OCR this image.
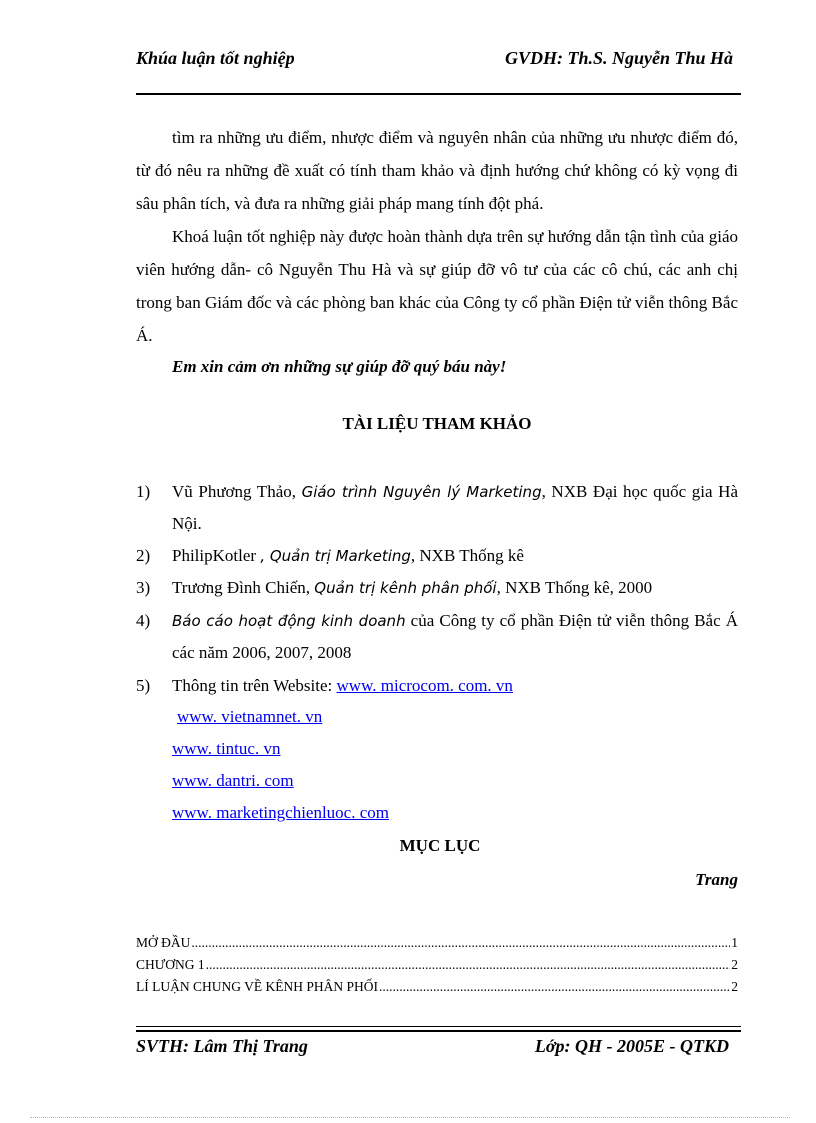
Khúa luận tốt nghiệp	GVDH: Th.S. Nguyễn Thu Hà

tìm ra những ưu điểm, nhược điểm và nguyên nhân của những ưu nhược điểm đó, từ đó nêu ra những đề xuất có tính tham khảo và định hướng chứ không có kỳ vọng đi sâu phân tích, và đưa ra những giải pháp mang tính đột phá.

Khoá luận tốt nghiệp này được hoàn thành dựa trên sự hướng dẫn tận tình của giáo viên hướng dẫn- cô Nguyễn Thu Hà và sự giúp đỡ vô tư của các cô chú, các anh chị trong ban Giám đốc và các phòng ban khác của Công ty cổ phần Điện tử viễn thông Bắc Á.

Em xin cảm ơn những sự giúp đỡ quý báu này!
TÀI LIỆU THAM KHẢO
1) Vũ Phương Thảo, Giáo trình Nguyên lý Marketing, NXB Đại học quốc gia Hà Nội.
2) PhilipKotler , Quản trị Marketing, NXB Thống kê
3) Trương Đình Chiến, Quản trị kênh phân phối, NXB Thống kê, 2000
4) Báo cáo hoạt động kinh doanh của Công ty cổ phần Điện tử viễn thông Bắc Á các năm 2006, 2007, 2008
5) Thông tin trên Website: www. microcom. com. vn
www. vietnamnet. vn
www. tintuc. vn
www. dantri. com
www. marketingchienluoc. com
MỤC LỤC
Trang
MỞ ĐẦU .....	1
CHƯƠNG 1 .....	2
LÍ LUẬN CHUNG VỀ KÊNH PHÂN PHỐI .....	2
SVTH: Lâm Thị Trang	Lớp: QH - 2005E - QTKD
